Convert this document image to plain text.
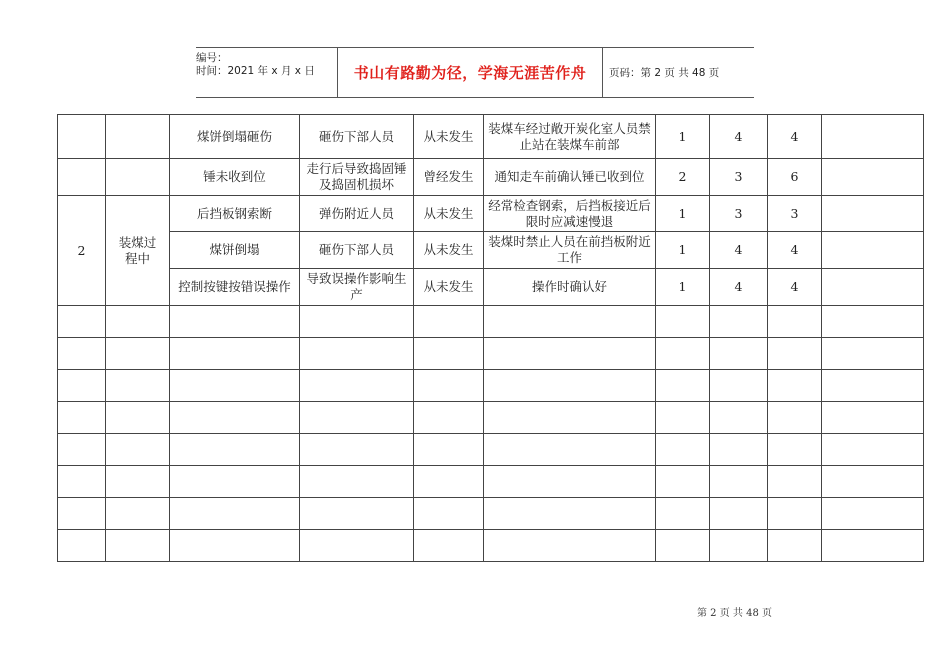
编号：
时间：2021 年 x 月 x 日	书山有路勤为径，学海无涯苦作舟	页码：第 2 页 共 48 页
		煤饼倒塌砸伤	砸伤下部人员	从未发生	装煤车经过敞开炭化室人员禁止站在装煤车前部	1	4	4	
		锤未收到位	走行后导致捣固锤及捣固机损坏	曾经发生	通知走车前确认锤已收到位	2	3	6	
2	装煤过程中	后挡板钢索断	弹伤附近人员	从未发生	经常检查钢索，后挡板接近后限时应减速慢退	1	3	3	
		煤饼倒塌	砸伤下部人员	从未发生	装煤时禁止人员在前挡板附近工作	1	4	4	
		控制按键按错误操作	导致误操作影响生产	从未发生	操作时确认好	1	4	4	

第 2 页 共 48 页
